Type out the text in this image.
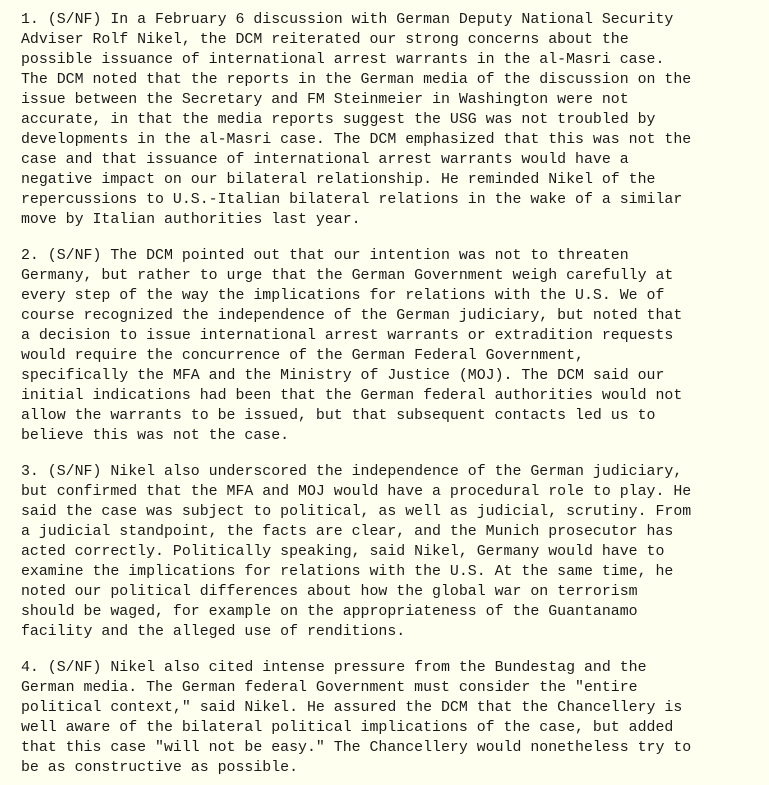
1. (S/NF) In a February 6 discussion with German Deputy National Security
Adviser Rolf Nikel, the DCM reiterated our strong concerns about the
possible issuance of international arrest warrants in the al-Masri case.
The DCM noted that the reports in the German media of the discussion on the
issue between the Secretary and FM Steinmeier in Washington were not
accurate, in that the media reports suggest the USG was not troubled by
developments in the al-Masri case. The DCM emphasized that this was not the
case and that issuance of international arrest warrants would have a
negative impact on our bilateral relationship. He reminded Nikel of the
repercussions to U.S.-Italian bilateral relations in the wake of a similar
move by Italian authorities last year.
2. (S/NF) The DCM pointed out that our intention was not to threaten
Germany, but rather to urge that the German Government weigh carefully at
every step of the way the implications for relations with the U.S. We of
course recognized the independence of the German judiciary, but noted that
a decision to issue international arrest warrants or extradition requests
would require the concurrence of the German Federal Government,
specifically the MFA and the Ministry of Justice (MOJ). The DCM said our
initial indications had been that the German federal authorities would not
allow the warrants to be issued, but that subsequent contacts led us to
believe this was not the case.
3. (S/NF) Nikel also underscored the independence of the German judiciary,
but confirmed that the MFA and MOJ would have a procedural role to play. He
said the case was subject to political, as well as judicial, scrutiny. From
a judicial standpoint, the facts are clear, and the Munich prosecutor has
acted correctly. Politically speaking, said Nikel, Germany would have to
examine the implications for relations with the U.S. At the same time, he
noted our political differences about how the global war on terrorism
should be waged, for example on the appropriateness of the Guantanamo
facility and the alleged use of renditions.
4. (S/NF) Nikel also cited intense pressure from the Bundestag and the
German media. The German federal Government must consider the "entire
political context," said Nikel. He assured the DCM that the Chancellery is
well aware of the bilateral political implications of the case, but added
that this case "will not be easy." The Chancellery would nonetheless try to
be as constructive as possible.
